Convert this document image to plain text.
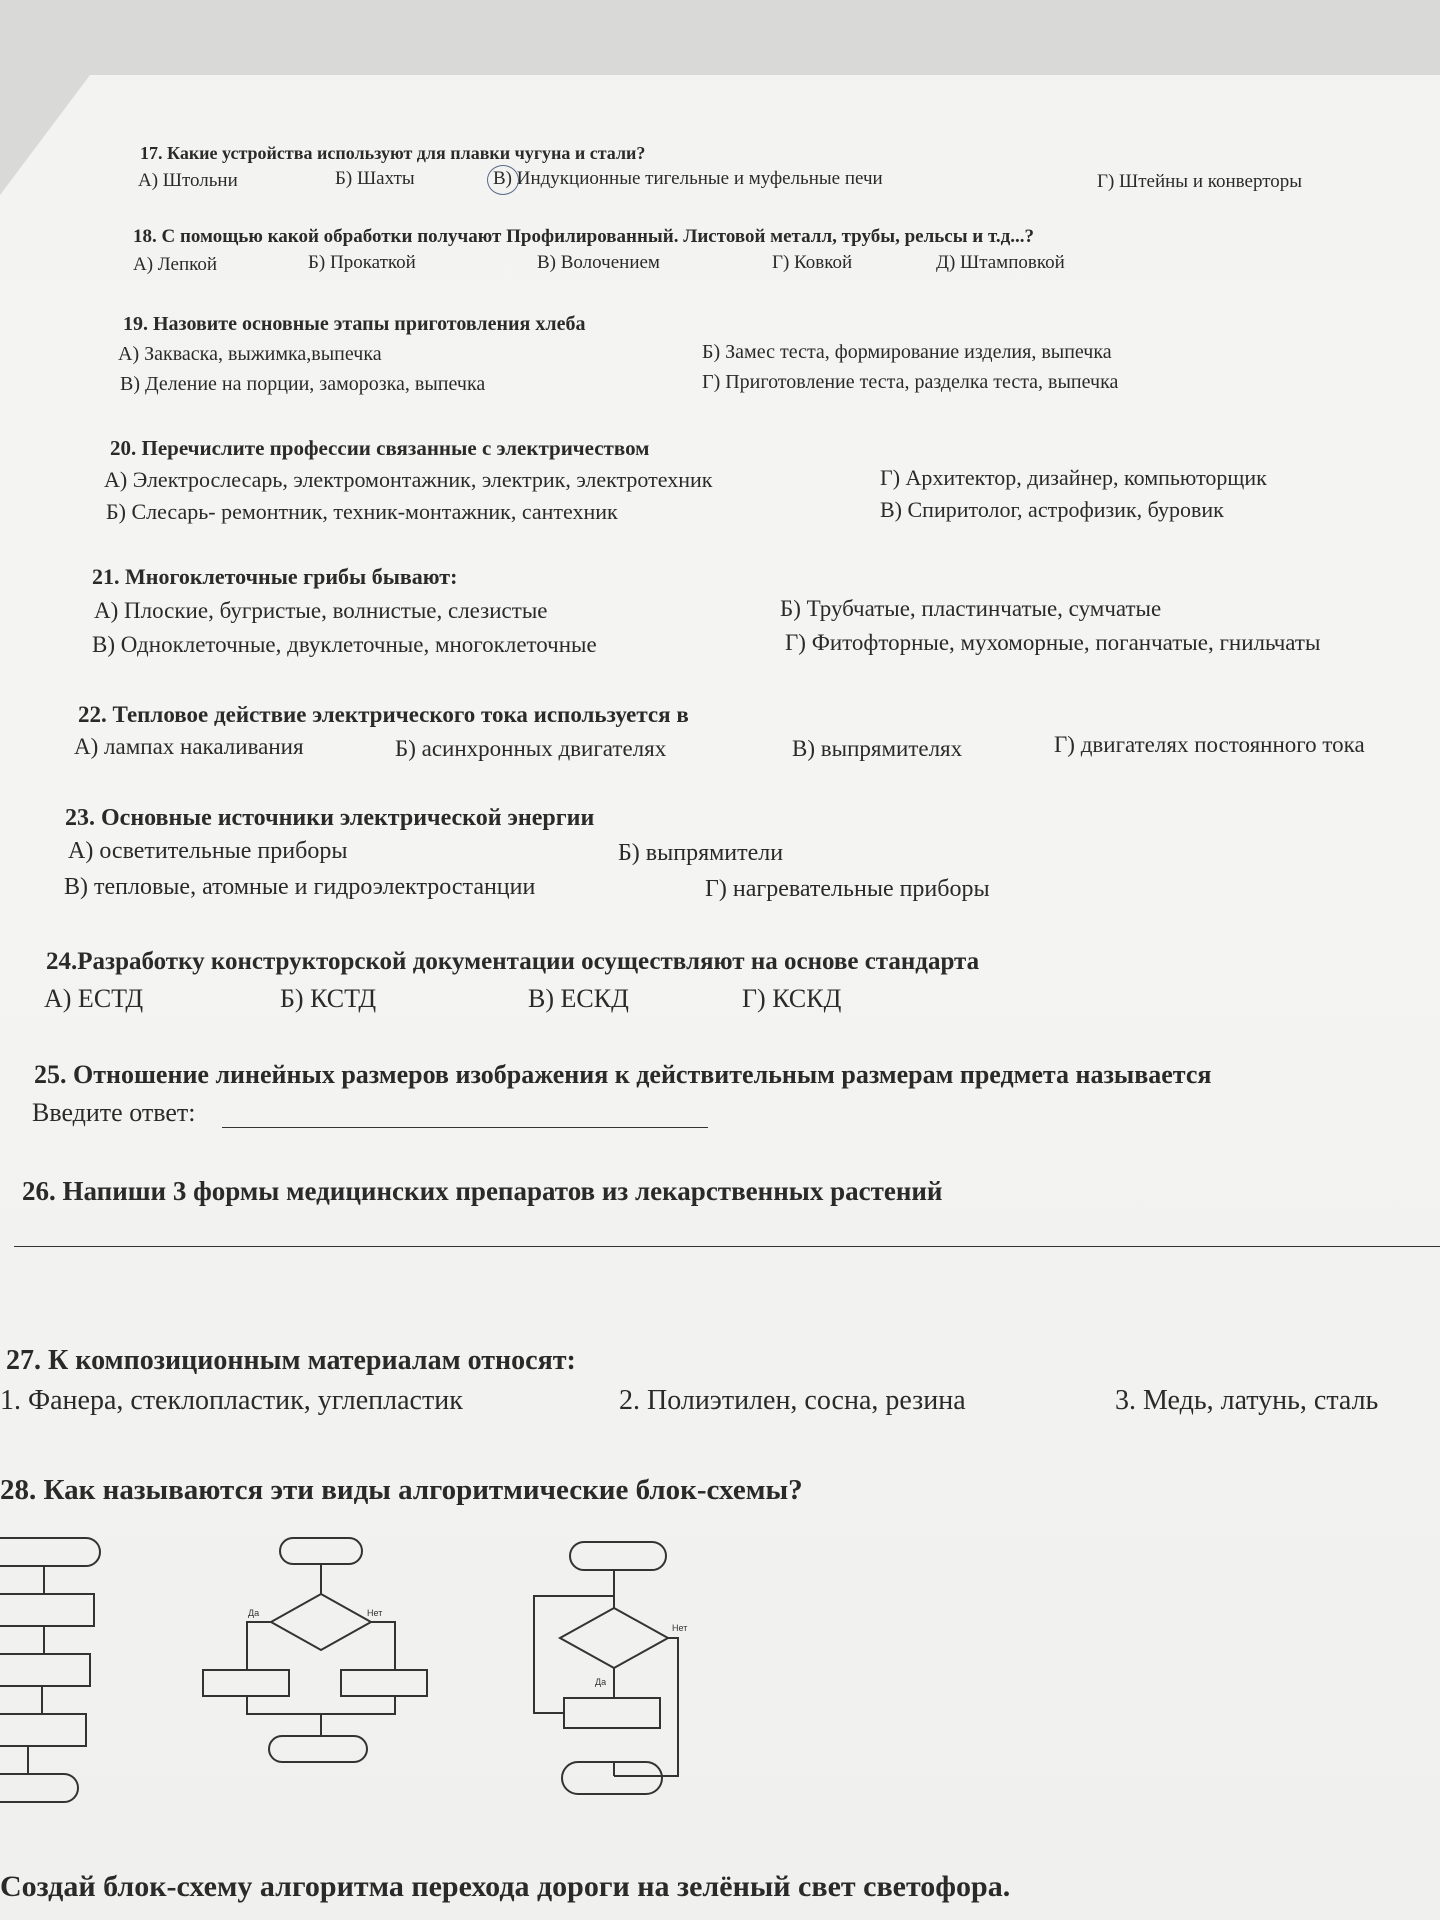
17. Какие устройства используют для плавки чугуна и стали?
А) Штольни	Б) Шахты	В) Индукционные тигельные и муфельные печи	Г) Штейны и конверторы
18. С помощью какой обработки получают Профилированный. Листовой металл, трубы, рельсы и т.д...?
А) Лепкой	Б) Прокаткой	В) Волочением	Г) Ковкой	Д) Штамповкой
19. Назовите основные этапы приготовления хлеба
А) Закваска, выжимка,выпечка	Б) Замес теста, формирование изделия, выпечка
В) Деление на порции, заморозка, выпечка	Г) Приготовление теста, разделка теста, выпечка
20. Перечислите профессии связанные с электричеством
А) Электрослесарь, электромонтажник, электрик, электротехник	Г) Архитектор, дизайнер, компьюторщик
Б) Слесарь- ремонтник, техник-монтажник, сантехник	В) Спиритолог, астрофизик, буровик
21. Многоклеточные грибы бывают:
А) Плоские, бугристые, волнистые, слезистые	Б) Трубчатые, пластинчатые, сумчатые
В) Одноклеточные, двуклеточные, многоклеточные	Г) Фитофторные, мухоморные, поганчатые, гнильчаты
22. Тепловое действие электрического тока используется в
А) лампах накаливания	Б) асинхронных двигателях	В) выпрямителях	Г) двигателях постоянного тока
23. Основные источники электрической энергии
А) осветительные приборы	Б) выпрямители
В) тепловые, атомные и гидроэлектростанции	Г) нагревательные приборы
24.Разработку конструкторской документации осуществляют на основе стандарта
А) ЕСТД	Б) КСТД	В) ЕСКД	Г) КСКД
25. Отношение линейных размеров изображения к действительным размерам предмета называется
Введите ответ:
26. Напиши 3 формы медицинских препаратов из лекарственных растений
27. К композиционным материалам относят:
1. Фанера, стеклопластик, углепластик	2. Полиэтилен, сосна, резина	3. Медь, латунь, сталь
28. Как называются эти виды алгоритмические блок-схемы?
Да	Нет
Нет
Да
Создай блок-схему алгоритма перехода дороги на зелёный свет светофора.
